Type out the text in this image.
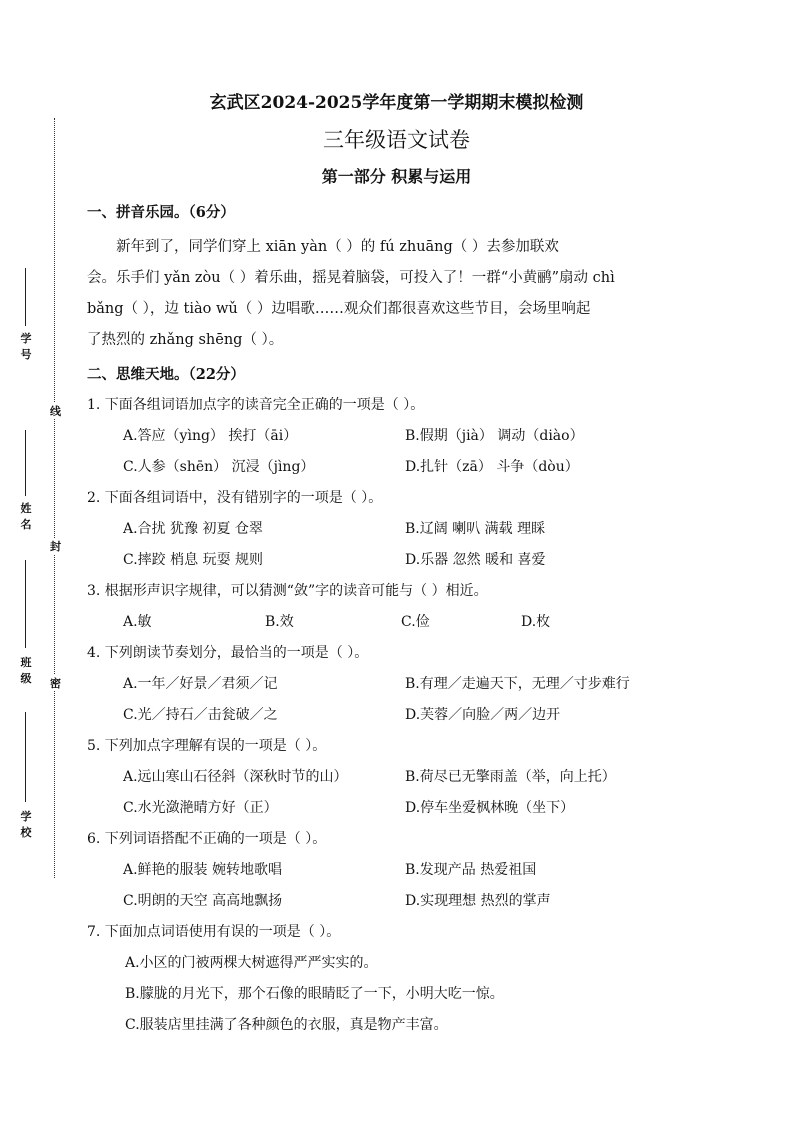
学号
姓名
班级
学校
线
封
密
玄武区2024-2025学年度第一学期期末模拟检测
三年级语文试卷
第一部分 积累与运用
一、拼音乐园。（6分）
新年到了，同学们穿上 xiān yàn（ ）的 fú zhuāng（ ）去参加联欢
会。乐手们 yǎn zòu（ ）着乐曲，摇晃着脑袋，可投入了！一群“小黄鹂”扇动 chì
bǎng（ ），边 tiào wǔ（ ）边唱歌……观众们都很喜欢这些节目，会场里响起
了热烈的 zhǎng shēng（ ）。
二、思维天地。（22分）
1. 下面各组词语加点字的读音完全正确的一项是（ ）。
A.答应（yìng） 挨打（āi）	B.假期（jià） 调动（diào）
C.人参（shēn） 沉浸（jìng）	D.扎针（zā） 斗争（dòu）
2. 下面各组词语中，没有错别字的一项是（ ）。
A.合扰 犹豫 初夏 仓翠	B.辽阔 喇叭 满载 理睬
C.摔跤 梢息 玩耍 规则	D.乐器 忽然 暖和 喜爱
3. 根据形声识字规律，可以猜测“敛”字的读音可能与（ ）相近。
A.敏	B.效	C.俭	D.枚
4. 下列朗读节奏划分，最恰当的一项是（ ）。
A.一年／好景／君须／记	B.有理／走遍天下，无理／寸步难行
C.光／持石／击瓮破／之	D.芙蓉／向脸／两／边开
5. 下列加点字理解有误的一项是（ ）。
A.远山寒山石径斜（深秋时节的山）	B.荷尽已无擎雨盖（举，向上托）
C.水光潋滟晴方好（正）	D.停车坐爱枫林晚（坐下）
6. 下列词语搭配不正确的一项是（ ）。
A.鲜艳的服装 婉转地歌唱	B.发现产品 热爱祖国
C.明朗的天空 高高地飘扬	D.实现理想 热烈的掌声
7. 下面加点词语使用有误的一项是（ ）。
A.小区的门被两棵大树遮得严严实实的。
B.朦胧的月光下，那个石像的眼睛眨了一下，小明大吃一惊。
C.服装店里挂满了各种颜色的衣服，真是物产丰富。
